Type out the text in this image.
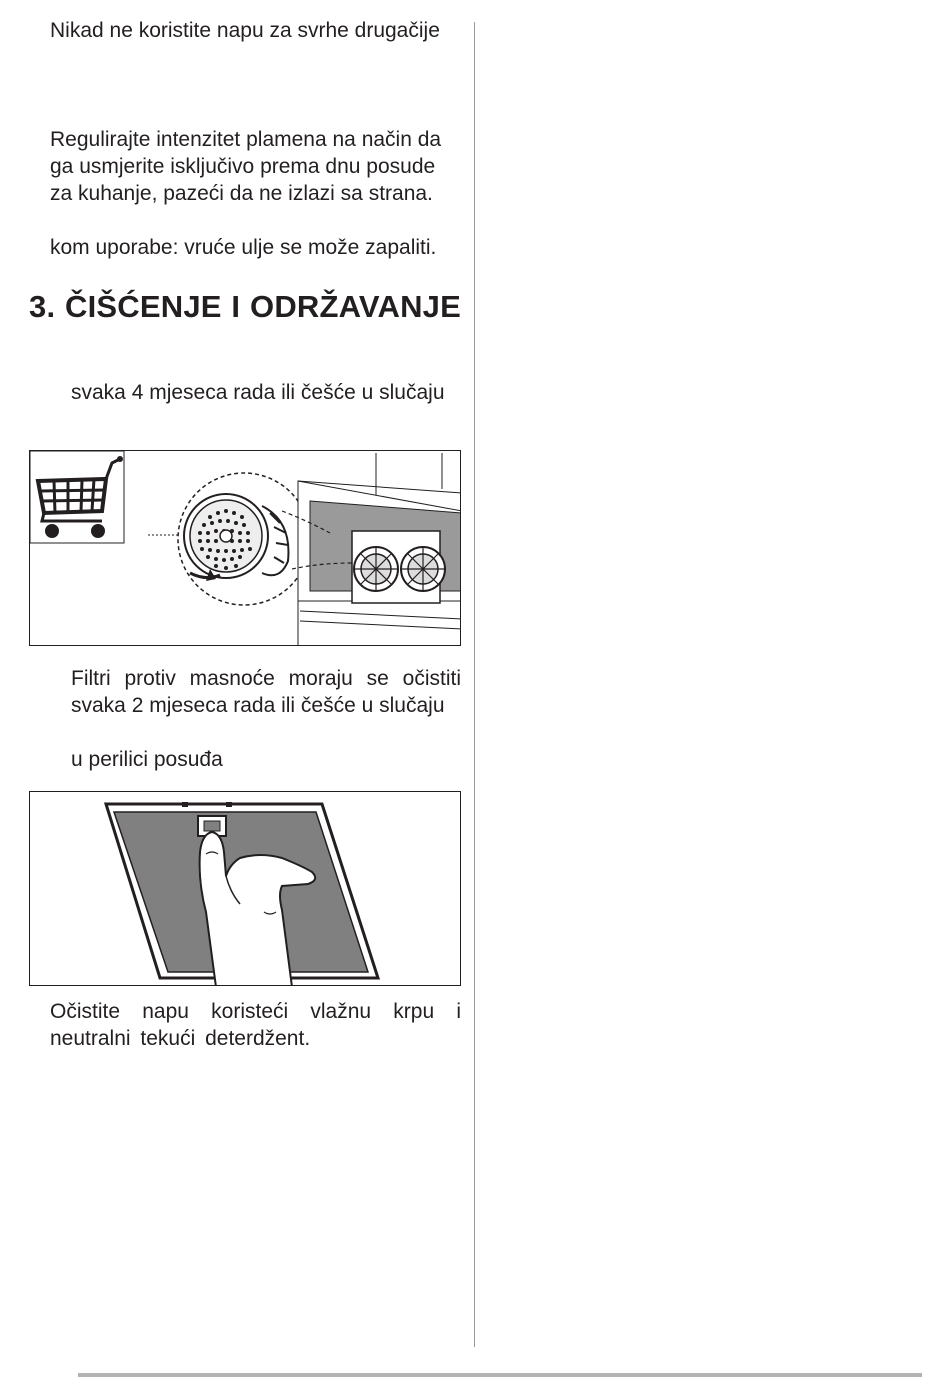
Nikad ne koristite napu za svrhe drugačije

Regulirajte intenzitet plamena na način da

ga usmjerite isključivo prema dnu posude

za kuhanje, pazeći da ne izlazi sa strana.

kom uporabe: vruće ulje se može zapaliti.

3. ČIŠĆENJE I ODRŽAVANJE

svaka 4 mjeseca rada ili češće u slučaju

Filtri protiv masnoće moraju se očistiti

svaka 2 mjeseca rada ili češće u slučaju

u perilici posuđa

Očistite napu koristeći vlažnu krpu i

neutralni tekući deterdžent.
